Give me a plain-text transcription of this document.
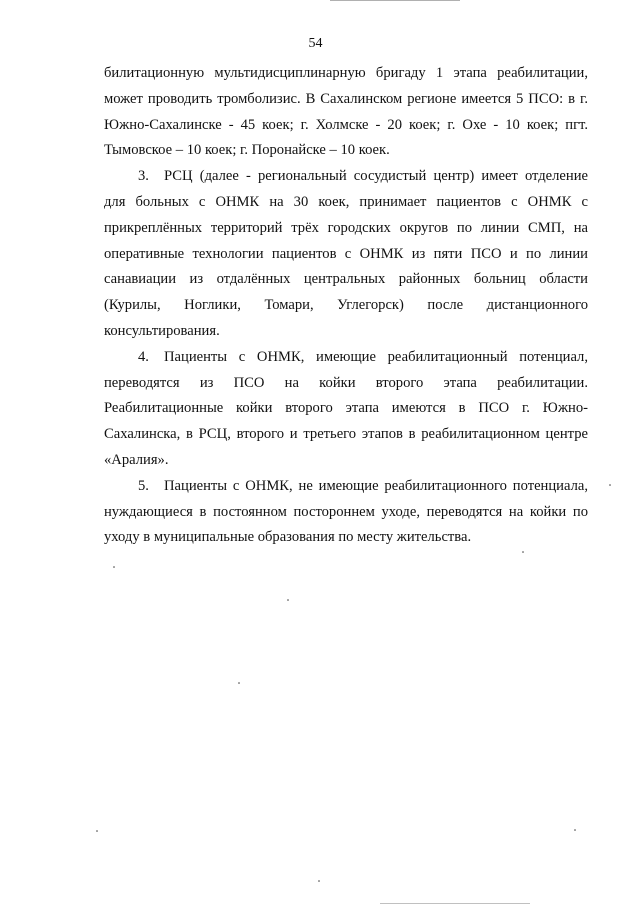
54

билитационную мультидисциплинарную бригаду 1 этапа реабилитации, может проводить тромболизис. В Сахалинском регионе имеется 5 ПСО: в г. Южно-Сахалинске - 45 коек; г. Холмске - 20 коек; г. Охе - 10 коек; пгт. Тымовское – 10 коек; г. Поронайске – 10 коек.

3. РСЦ (далее - региональный сосудистый центр) имеет отделение для больных с ОНМК на 30 коек, принимает пациентов с ОНМК с прикреплённых территорий трёх городских округов по линии СМП, на оперативные технологии пациентов с ОНМК из пяти ПСО и по линии санавиации из отдалённых центральных районных больниц области (Курилы, Ноглики, Томари, Углегорск) после дистанционного консультирования.

4. Пациенты с ОНМК, имеющие реабилитационный потенциал, переводятся из ПСО на койки второго этапа реабилитации. Реабилитационные койки второго этапа имеются в ПСО г. Южно-Сахалинска, в РСЦ, второго и третьего этапов в реабилитационном центре «Аралия».

5. Пациенты с ОНМК, не имеющие реабилитационного потенциала, нуждающиеся в постоянном постороннем уходе, переводятся на койки по уходу в муниципальные образования по месту жительства.
